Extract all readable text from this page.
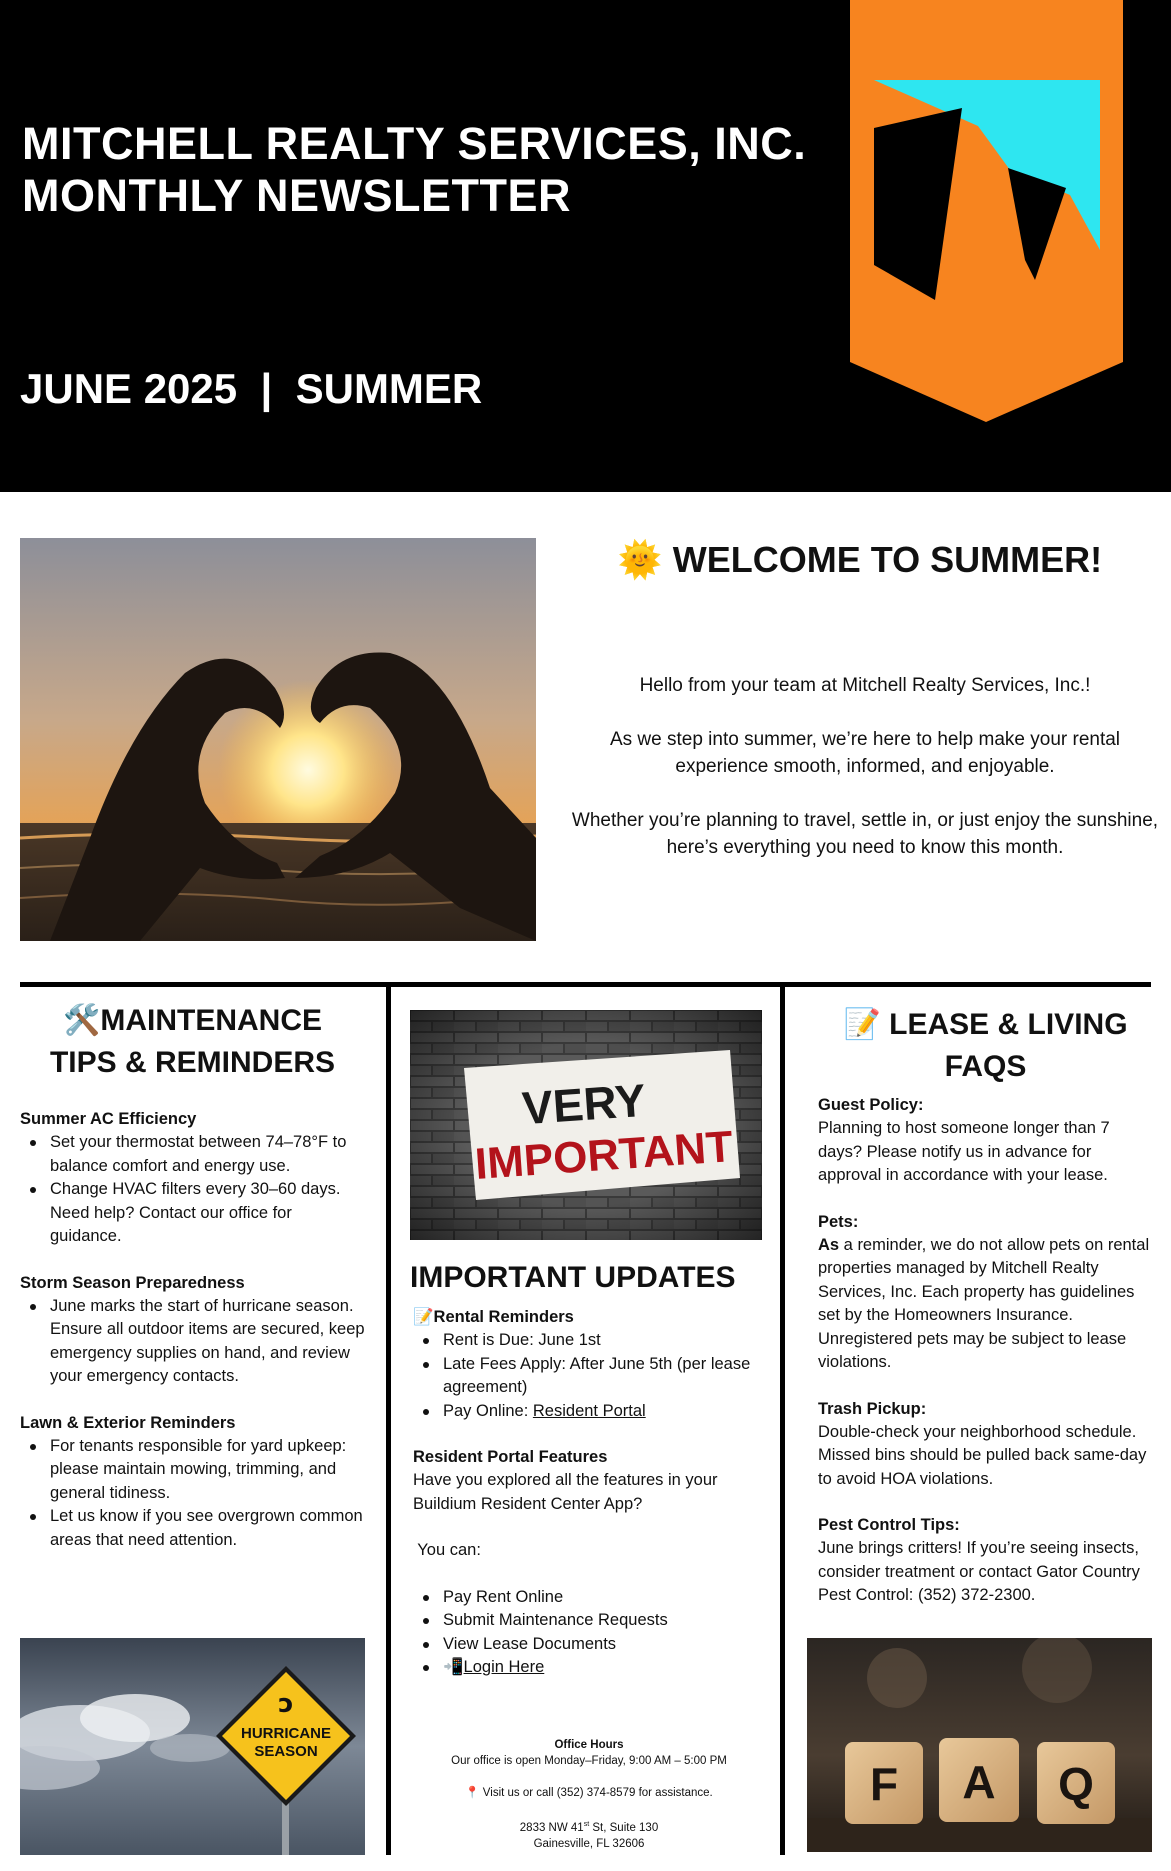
MITCHELL REALTY SERVICES, INC.
MONTHLY NEWSLETTER
JUNE 2025 | SUMMER
🌞 WELCOME TO SUMMER!

Hello from your team at Mitchell Realty Services, Inc.!

As we step into summer, we’re here to help make your rental experience smooth, informed, and enjoyable.

Whether you’re planning to travel, settle in, or just enjoy the sunshine, here’s everything you need to know this month.

🛠️MAINTENANCE
TIPS & REMINDERS
Summer AC Efficiency
Set your thermostat between 74–78°F to balance comfort and energy use.
Change HVAC filters every 30–60 days. Need help? Contact our office for guidance.
Storm Season Preparedness
June marks the start of hurricane season. Ensure all outdoor items are secured, keep emergency supplies on hand, and review your emergency contacts.
Lawn & Exterior Reminders
For tenants responsible for yard upkeep: please maintain mowing, trimming, and general tidiness.
Let us know if you see overgrown common areas that need attention.
ↄ
HURRICANE
SEASON
VERY
IMPORTANT
IMPORTANT UPDATES
📝Rental Reminders
Rent is Due: June 1st
Late Fees Apply: After June 5th (per lease agreement)
Pay Online: Resident Portal
Resident Portal Features
Have you explored all the features in your Buildium Resident Center App?
You can:
Pay Rent Online
Submit Maintenance Requests
View Lease Documents
📲Login Here

Office Hours

Our office is open Monday–Friday, 9:00 AM – 5:00 PM

📍 Visit us or call (352) 374-8579 for assistance.

2833 NW 41st St, Suite 130

Gainesville, FL 32606

📝 LEASE & LIVING
FAQS
Guest Policy:
Planning to host someone longer than 7 days? Please notify us in advance for approval in accordance with your lease.
Pets:
As a reminder, we do not allow pets on rental properties managed by Mitchell Realty Services, Inc. Each property has guidelines set by the Homeowners Insurance. Unregistered pets may be subject to lease violations.
Trash Pickup:
Double-check your neighborhood schedule. Missed bins should be pulled back same-day to avoid HOA violations.
Pest Control Tips:
June brings critters! If you’re seeing insects, consider treatment or contact Gator Country Pest Control: (352) 372-2300.
F A Q
